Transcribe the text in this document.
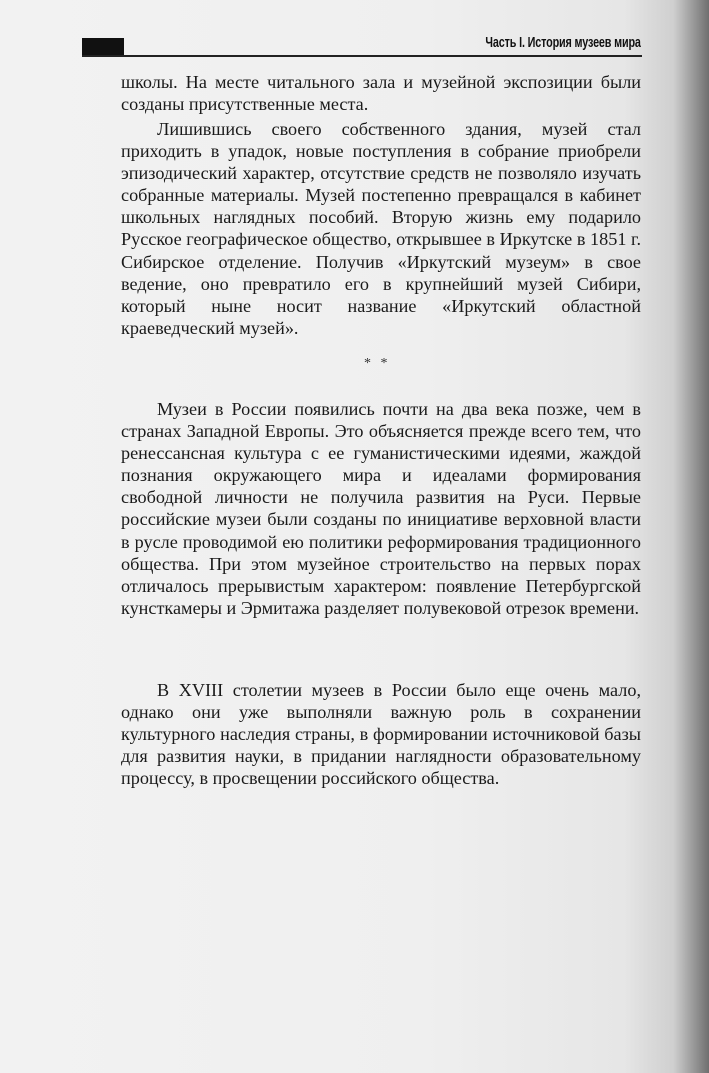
Часть I. История музеев мира

школы. На месте читального зала и музейной экспозиции были созданы присутственные места.

Лишившись своего собственного здания, музей стал приходить в упадок, новые поступления в собрание приобрели эпизодический характер, отсутствие средств не позволяло изучать собранные материалы. Музей постепенно превращался в кабинет школьных наглядных пособий. Вторую жизнь ему подарило Русское географическое общество, открывшее в Иркутске в 1851 г. Сибирское отделение. Получив «Иркутский музеум» в свое ведение, оно превратило его в крупнейший музей Сибири, который ныне носит название «Иркутский областной краеведческий музей».

* *

Музеи в России появились почти на два века позже, чем в странах Западной Европы. Это объясняется прежде всего тем, что ренессансная культура с ее гуманистическими идеями, жаждой познания окружающего мира и идеалами формирования свободной личности не получила развития на Руси. Первые российские музеи были созданы по инициативе верховной власти в русле проводимой ею политики реформирования традиционного общества. При этом музейное строительство на первых порах отличалось прерывистым характером: появление Петербургской кунсткамеры и Эрмитажа разделяет полувековой отрезок времени.

В XVIII столетии музеев в России было еще очень мало, однако они уже выполняли важную роль в сохранении культурного наследия страны, в формировании источниковой базы для развития науки, в придании наглядности образовательному процессу, в просвещении российского общества.
